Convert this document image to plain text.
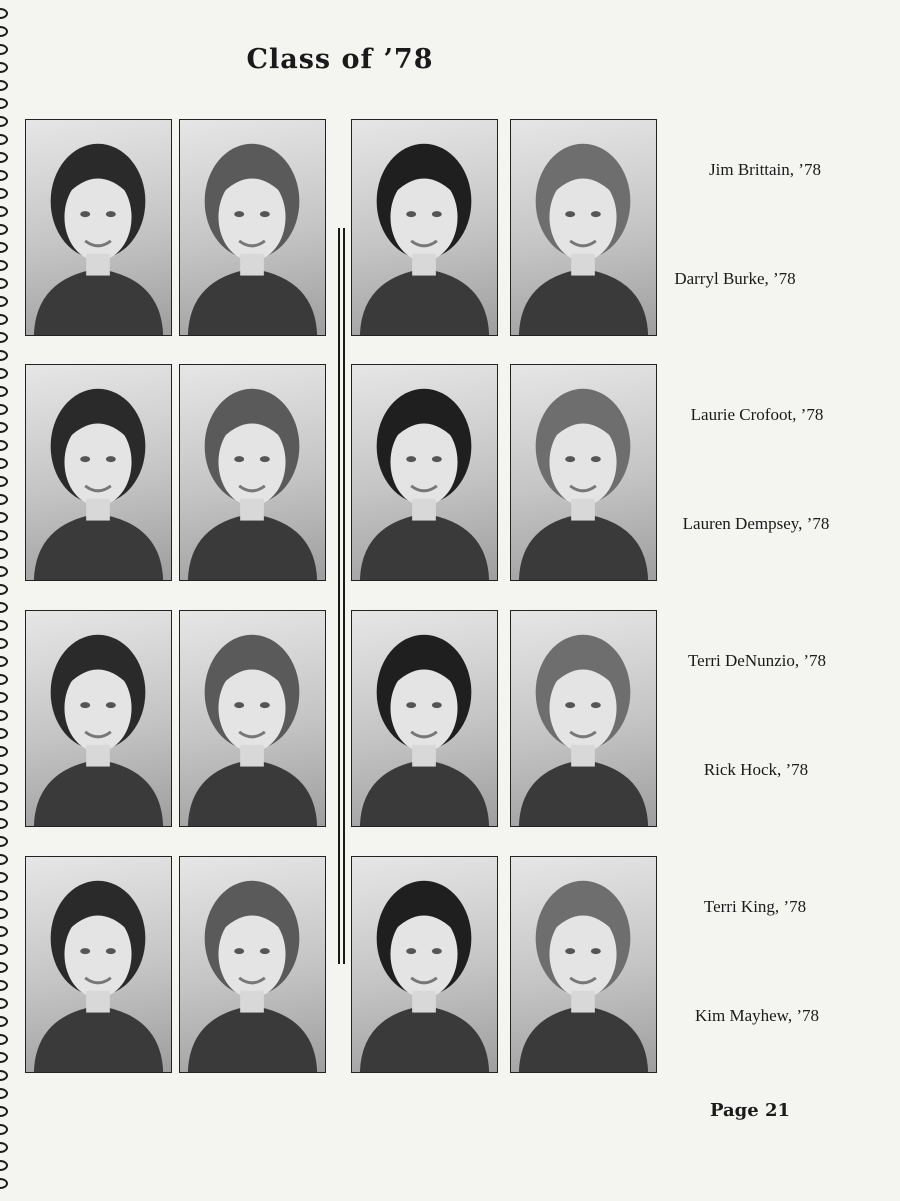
Class of ’78
Jim Brittain, ’78
Darryl Burke, ’78
Laurie Crofoot, ’78
Lauren Dempsey, ’78
Terri DeNunzio, ’78
Rick Hock, ’78
Terri King, ’78
Kim Mayhew, ’78
Page 21
